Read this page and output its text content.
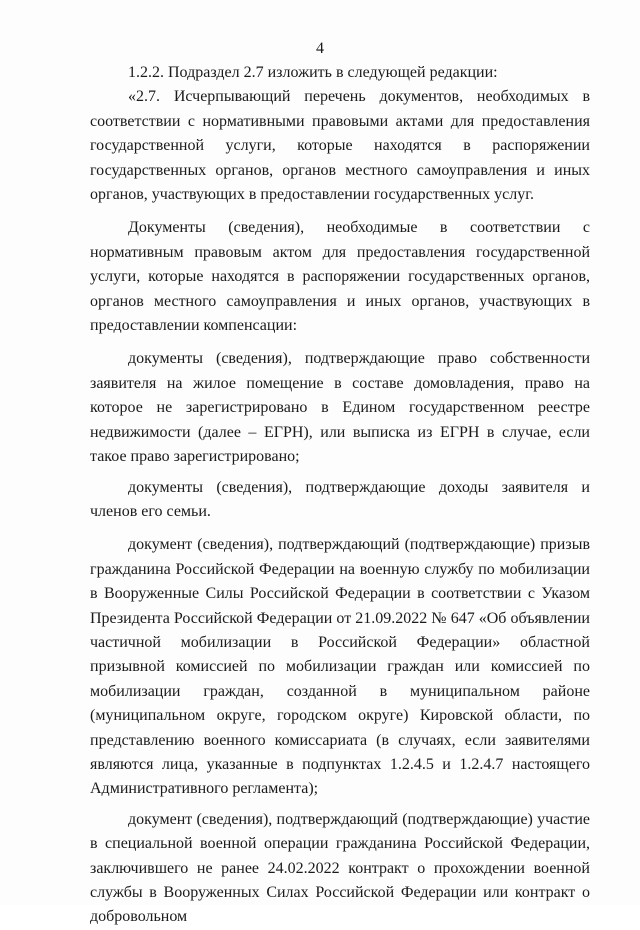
4

1.2.2. Подраздел 2.7 изложить в следующей редакции:

«2.7. Исчерпывающий перечень документов, необходимых в соответствии с нормативными правовыми актами для предоставления государственной услуги, которые находятся в распоряжении государственных органов, органов местного самоуправления и иных органов, участвующих в предоставлении государственных услуг.

Документы (сведения), необходимые в соответствии с нормативным правовым актом для предоставления государственной услуги, которые находятся в распоряжении государственных органов, органов местного самоуправления и иных органов, участвующих в предоставлении компенсации:

документы (сведения), подтверждающие право собственности заявителя на жилое помещение в составе домовладения, право на которое не зарегистрировано в Едином государственном реестре недвижимости (далее – ЕГРН), или выписка из ЕГРН в случае, если такое право зарегистрировано;

документы (сведения), подтверждающие доходы заявителя и членов его семьи.

документ (сведения), подтверждающий (подтверждающие) призыв гражданина Российской Федерации на военную службу по мобилизации в Вооруженные Силы Российской Федерации в соответствии с Указом Президента Российской Федерации от 21.09.2022 № 647 «Об объявлении частичной мобилизации в Российской Федерации» областной призывной комиссией по мобилизации граждан или комиссией по мобилизации граждан, созданной в муниципальном районе (муниципальном округе, городском округе) Кировской области, по представлению военного комиссариата (в случаях, если заявителями являются лица, указанные в подпунктах 1.2.4.5 и 1.2.4.7 настоящего Административного регламента);

документ (сведения), подтверждающий (подтверждающие) участие в специальной военной операции гражданина Российской Федерации, заключившего не ранее 24.02.2022 контракт о прохождении военной службы в Вооруженных Силах Российской Федерации или контракт о добровольном
